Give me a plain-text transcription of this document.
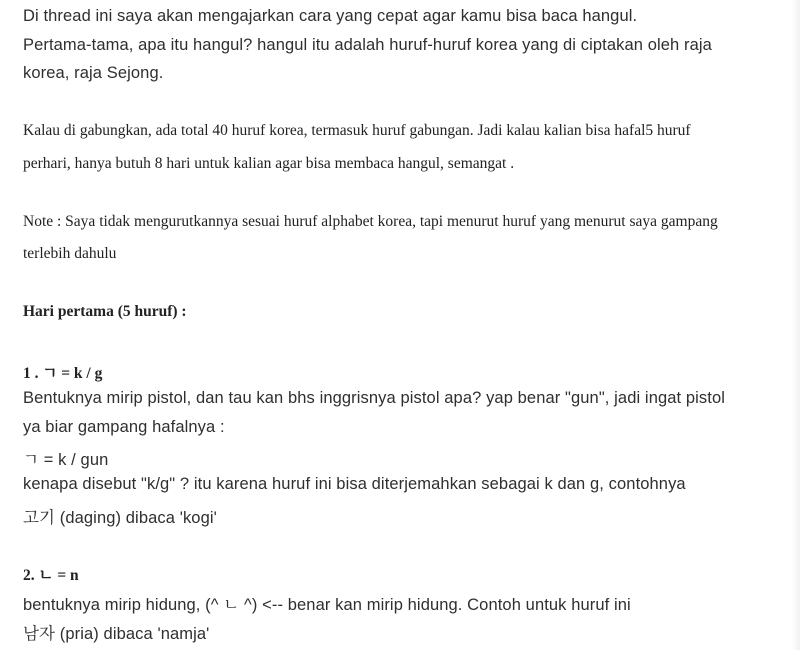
Di thread ini saya akan mengajarkan cara yang cepat agar kamu bisa baca hangul.
Pertama-tama, apa itu hangul? hangul itu adalah huruf-huruf korea yang di ciptakan oleh raja
korea, raja Sejong.
Kalau di gabungkan, ada total 40 huruf korea, termasuk huruf gabungan. Jadi kalau kalian bisa hafal5 huruf
perhari, hanya butuh 8 hari untuk kalian agar bisa membaca hangul, semangat .
Note : Saya tidak mengurutkannya sesuai huruf alphabet korea, tapi menurut huruf yang menurut saya gampang
terlebih dahulu
Hari pertama (5 huruf) :
1 . ㄱ = k / g
Bentuknya mirip pistol, dan tau kan bhs inggrisnya pistol apa? yap benar "gun", jadi ingat pistol
ya biar gampang hafalnya :
ㄱ = k / gun
kenapa disebut "k/g" ? itu karena huruf ini bisa diterjemahkan sebagai k dan g, contohnya
고기 (daging) dibaca 'kogi'
2. ㄴ = n
bentuknya mirip hidung, (^ ㄴ ^) <-- benar kan mirip hidung. Contoh untuk huruf ini
남자 (pria) dibaca 'namja'
